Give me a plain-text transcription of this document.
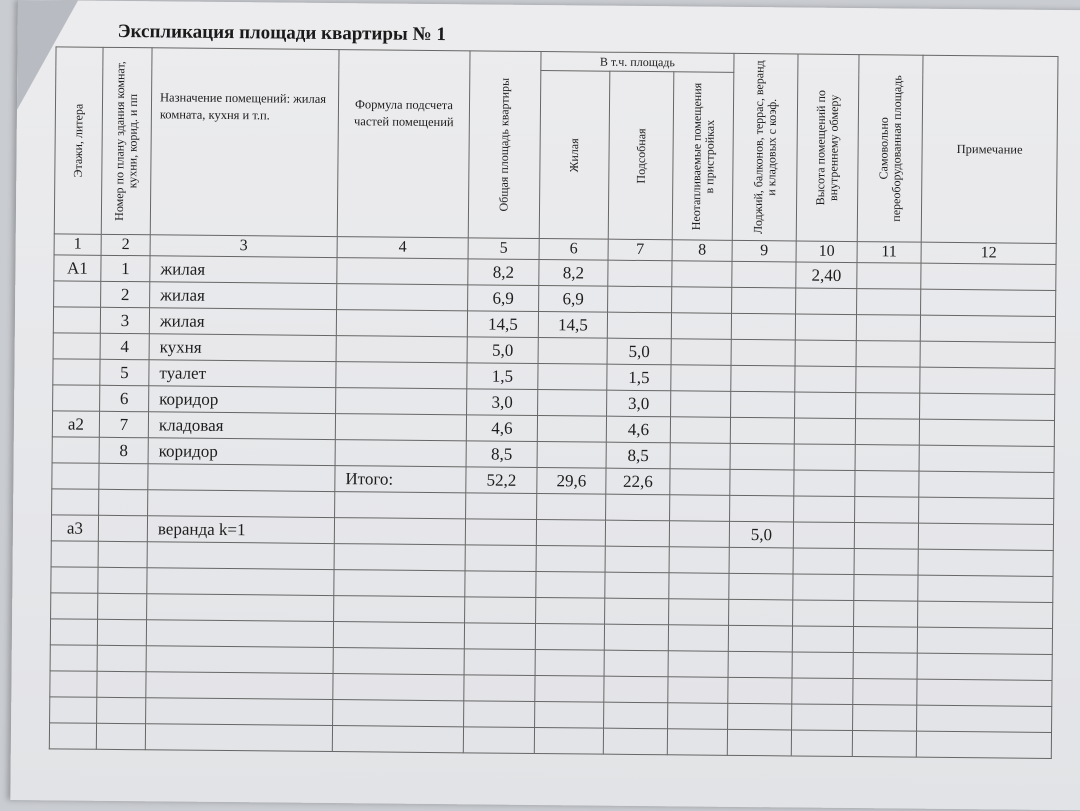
Экспликация площади квартиры № 1
Этажи, литера	Номер по плану здания комнат, кухни, корид. и пп	Назначение помещений: жилая комната, кухня и т.п.	Формула подсчета частей помещений	Общая площадь квартиры	В т.ч. площадь			Лоджий, балконов, террас, веранд и кладовых с коэф.	Высота помещений по внутреннему обмеру	Самовольно переоборудованная площадь	Примечание

					Жилая	Подсобная	Неотапливаемые помещения в пристройках				

1	2	3	4	5	6	7	8	9	10	11	12
А1	1	жилая		8,2	8,2				2,40		
	2	жилая		6,9	6,9						
	3	жилая		14,5	14,5						
	4	кухня		5,0		5,0					
	5	туалет		1,5		1,5					
	6	коридор		3,0		3,0					
а2	7	кладовая		4,6		4,6					
	8	коридор		8,5		8,5					
			Итого:	52,2	29,6	22,6					

а3		веранда k=1						5,0			
